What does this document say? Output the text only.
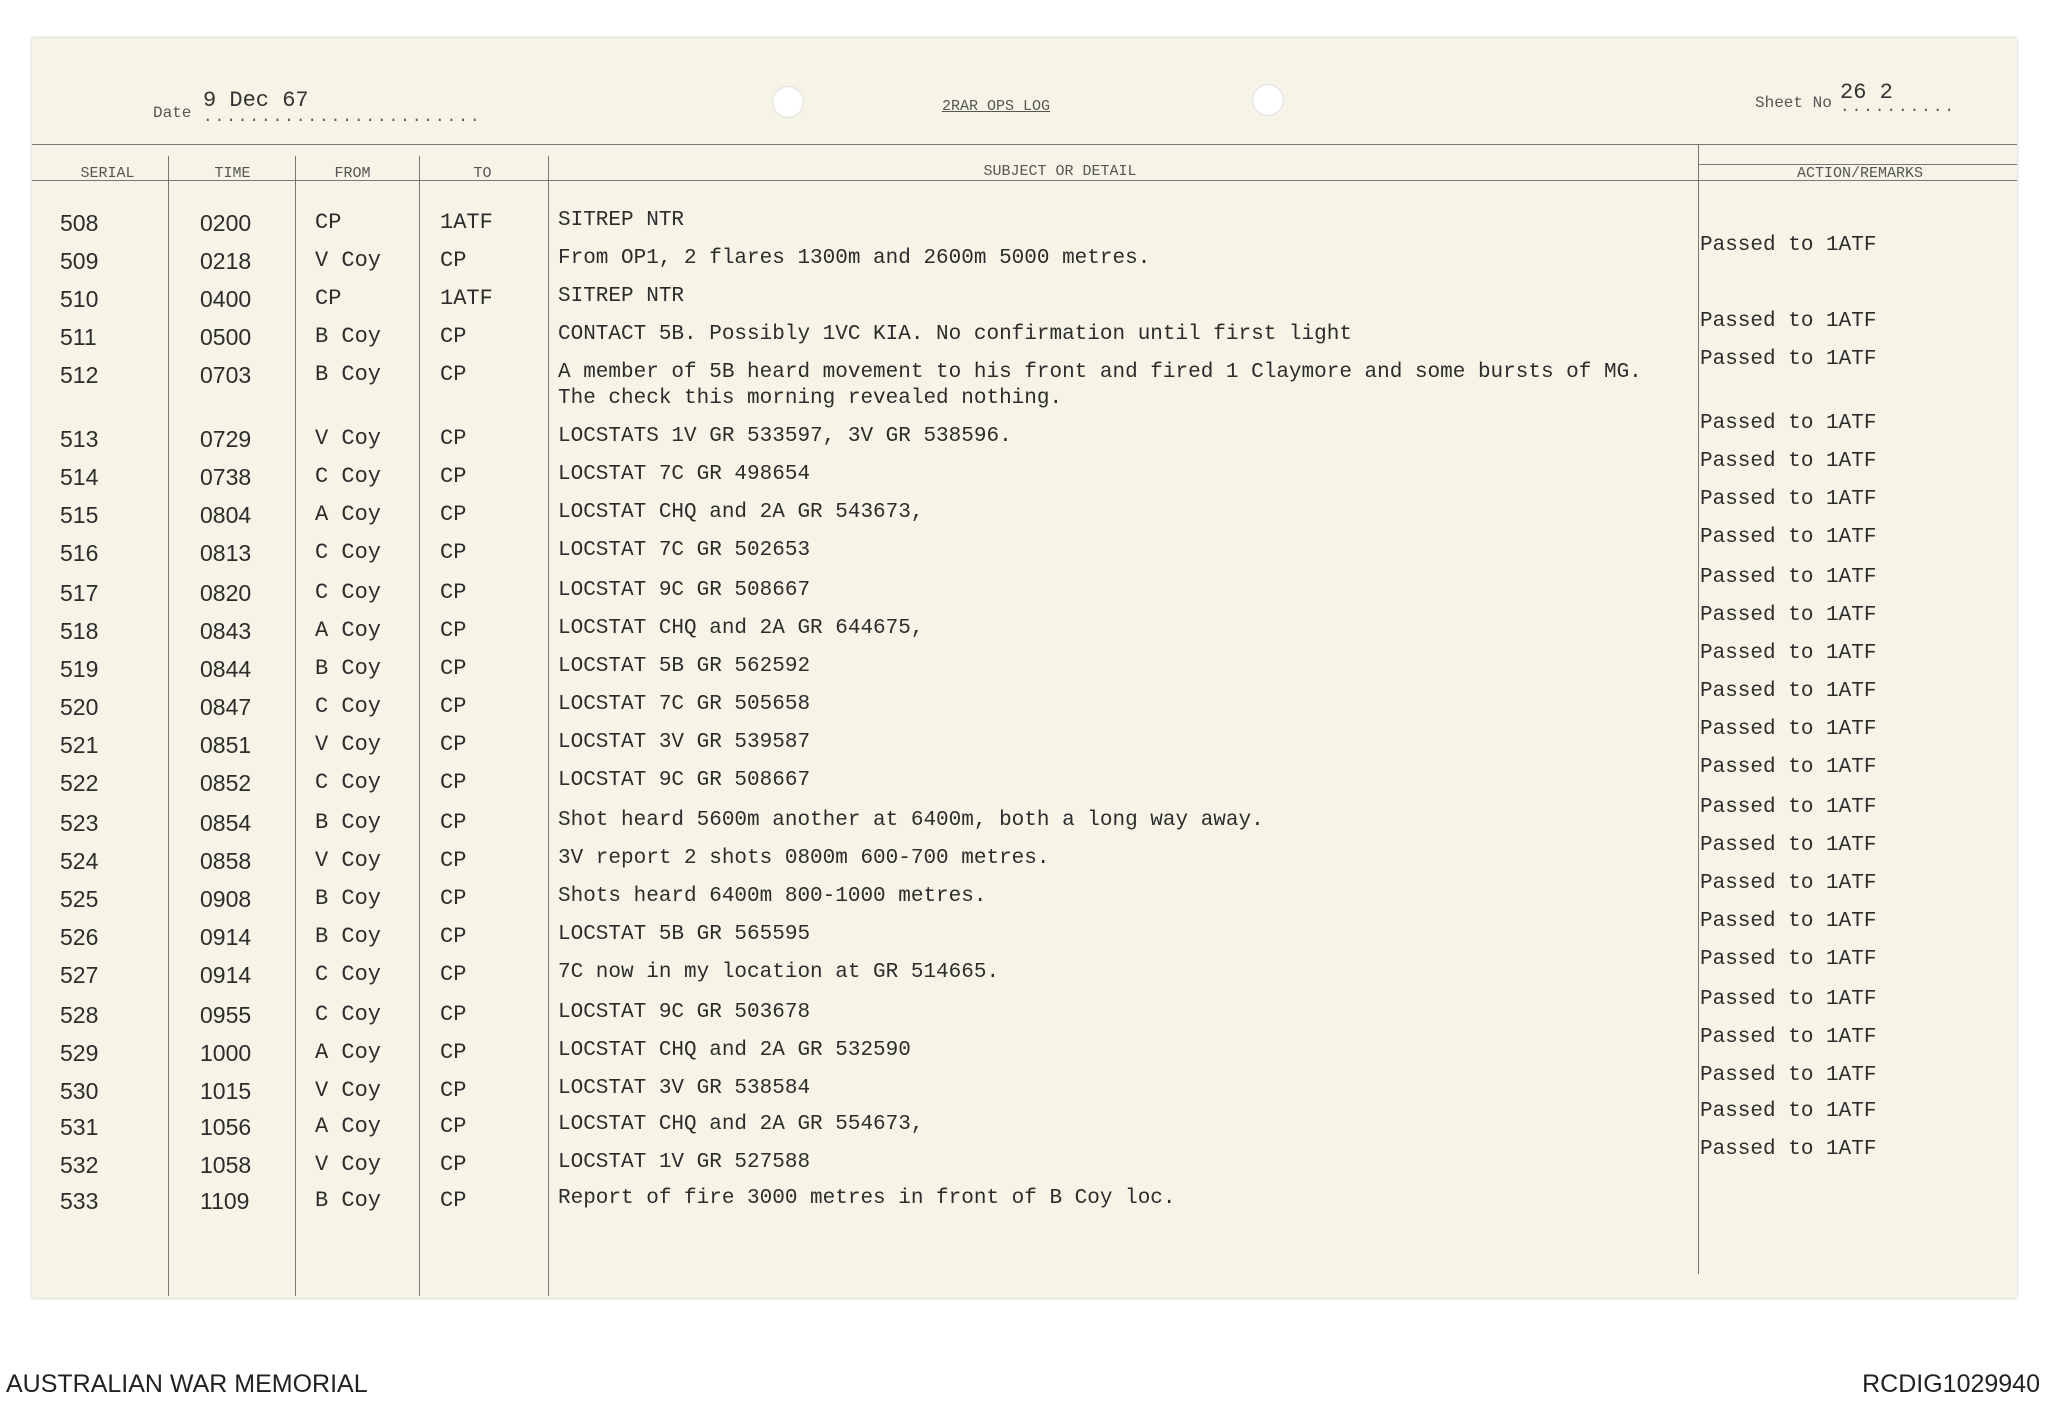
Date 9 Dec 67
........................
2RAR OPS LOG	Sheet No 26 2
..........
SERIAL	TIME	FROM	TO	SUBJECT OR DETAIL	ACTION/REMARKS
508	0200	CP	1ATF	SITREP NTR
509	0218	V Coy	CP	From OP1, 2 flares 1300m and 2600m 5000 metres.
Passed to 1ATF
510	0400	CP	1ATF	SITREP NTR
511	0500	B Coy	CP	CONTACT 5B. Possibly 1VC KIA. No confirmation until first light
Passed to 1ATF
512	0703	B Coy	CP	A member of 5B heard movement to his front and fired 1 Claymore and some bursts of MG.
The check this morning revealed nothing.
Passed to 1ATF
513	0729	V Coy	CP	LOCSTATS 1V GR 533597, 3V GR 538596.
Passed to 1ATF
514	0738	C Coy	CP	LOCSTAT 7C GR 498654
Passed to 1ATF
515	0804	A Coy	CP	LOCSTAT CHQ and 2A GR 543673,
Passed to 1ATF
516	0813	C Coy	CP	LOCSTAT 7C GR 502653
Passed to 1ATF
517	0820	C Coy	CP	LOCSTAT 9C GR 508667
Passed to 1ATF
518	0843	A Coy	CP	LOCSTAT CHQ and 2A GR 644675,
Passed to 1ATF
519	0844	B Coy	CP	LOCSTAT 5B GR 562592
Passed to 1ATF
520	0847	C Coy	CP	LOCSTAT 7C GR 505658
Passed to 1ATF
521	0851	V Coy	CP	LOCSTAT 3V GR 539587
Passed to 1ATF
522	0852	C Coy	CP	LOCSTAT 9C GR 508667
Passed to 1ATF
523	0854	B Coy	CP	Shot heard 5600m another at 6400m, both a long way away.
Passed to 1ATF
524	0858	V Coy	CP	3V report 2 shots 0800m 600-700 metres.
Passed to 1ATF
525	0908	B Coy	CP	Shots heard 6400m 800-1000 metres.
Passed to 1ATF
526	0914	B Coy	CP	LOCSTAT 5B GR 565595
Passed to 1ATF
527	0914	C Coy	CP	7C now in my location at GR 514665.
Passed to 1ATF
528	0955	C Coy	CP	LOCSTAT 9C GR 503678
Passed to 1ATF
529	1000	A Coy	CP	LOCSTAT CHQ and 2A GR 532590
Passed to 1ATF
530	1015	V Coy	CP	LOCSTAT 3V GR 538584
Passed to 1ATF
531	1056	A Coy	CP	LOCSTAT CHQ and 2A GR 554673,
Passed to 1ATF
532	1058	V Coy	CP	LOCSTAT 1V GR 527588
Passed to 1ATF
533	1109	B Coy	CP	Report of fire 3000 metres in front of B Coy loc.
AUSTRALIAN WAR MEMORIAL	RCDIG1029940
